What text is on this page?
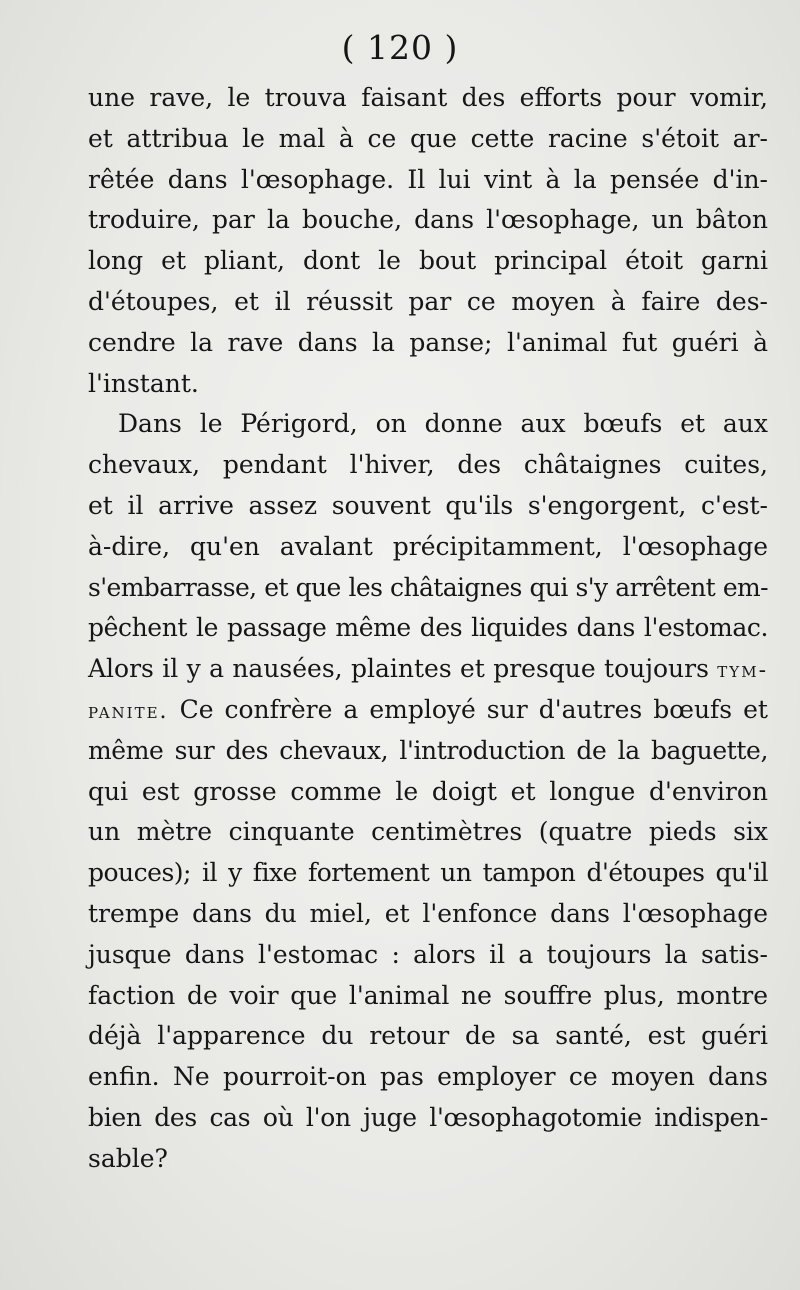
( 120 )
une rave, le trouva faisant des efforts pour vomir,
et attribua le mal à ce que cette racine s'étoit ar-
rêtée dans l'œsophage. Il lui vint à la pensée d'in-
troduire, par la bouche, dans l'œsophage, un bâton
long et pliant, dont le bout principal étoit garni
d'étoupes, et il réussit par ce moyen à faire des-
cendre la rave dans la panse; l'animal fut guéri à
l'instant.
Dans le Périgord, on donne aux bœufs et aux
chevaux, pendant l'hiver, des châtaignes cuites,
et il arrive assez souvent qu'ils s'engorgent, c'est-
à-dire, qu'en avalant précipitamment, l'œsophage
s'embarrasse, et que les châtaignes qui s'y arrêtent em-
pêchent le passage même des liquides dans l'estomac.
Alors il y a nausées, plaintes et presque toujours tym-
panite. Ce confrère a employé sur d'autres bœufs et
même sur des chevaux, l'introduction de la baguette,
qui est grosse comme le doigt et longue d'environ
un mètre cinquante centimètres (quatre pieds six
pouces); il y fixe fortement un tampon d'étoupes qu'il
trempe dans du miel, et l'enfonce dans l'œsophage
jusque dans l'estomac : alors il a toujours la satis-
faction de voir que l'animal ne souffre plus, montre
déjà l'apparence du retour de sa santé, est guéri
enfin. Ne pourroit-on pas employer ce moyen dans
bien des cas où l'on juge l'œsophagotomie indispen-
sable?
